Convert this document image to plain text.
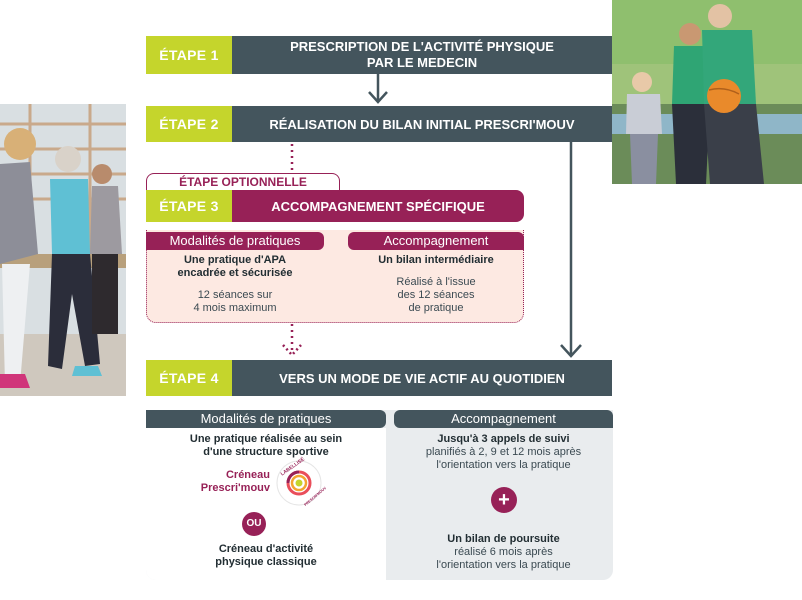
ÉTAPE 1
PRESCRIPTION DE L'ACTIVITÉ PHYSIQUE
PAR LE MEDECIN
ÉTAPE 2	RÉALISATION DU BILAN INITIAL PRESCRI'MOUV
ÉTAPE OPTIONNELLE
ÉTAPE 3	ACCOMPAGNEMENT SPÉCIFIQUE
Modalités de pratiques	Accompagnement
Une pratique d'APA
encadrée et sécurisée
12 séances sur
4 mois maximum
Un bilan intermédiaire
Réalisé à l'issue
des 12 séances
de pratique
ÉTAPE 4	VERS UN MODE DE VIE ACTIF AU QUOTIDIEN
Modalités de pratiques	Accompagnement
Une pratique réalisée au sein
d'une structure sportive
Créneau
Prescri'mouv
LABELLISÉ
PRESCRI'MOUV
OU
Créneau d'activité
physique classique
Jusqu'à 3 appels de suivi
planifiés à 2, 9 et 12 mois après
l'orientation vers la pratique
+
Un bilan de poursuite
réalisé 6 mois après
l'orientation vers la pratique
